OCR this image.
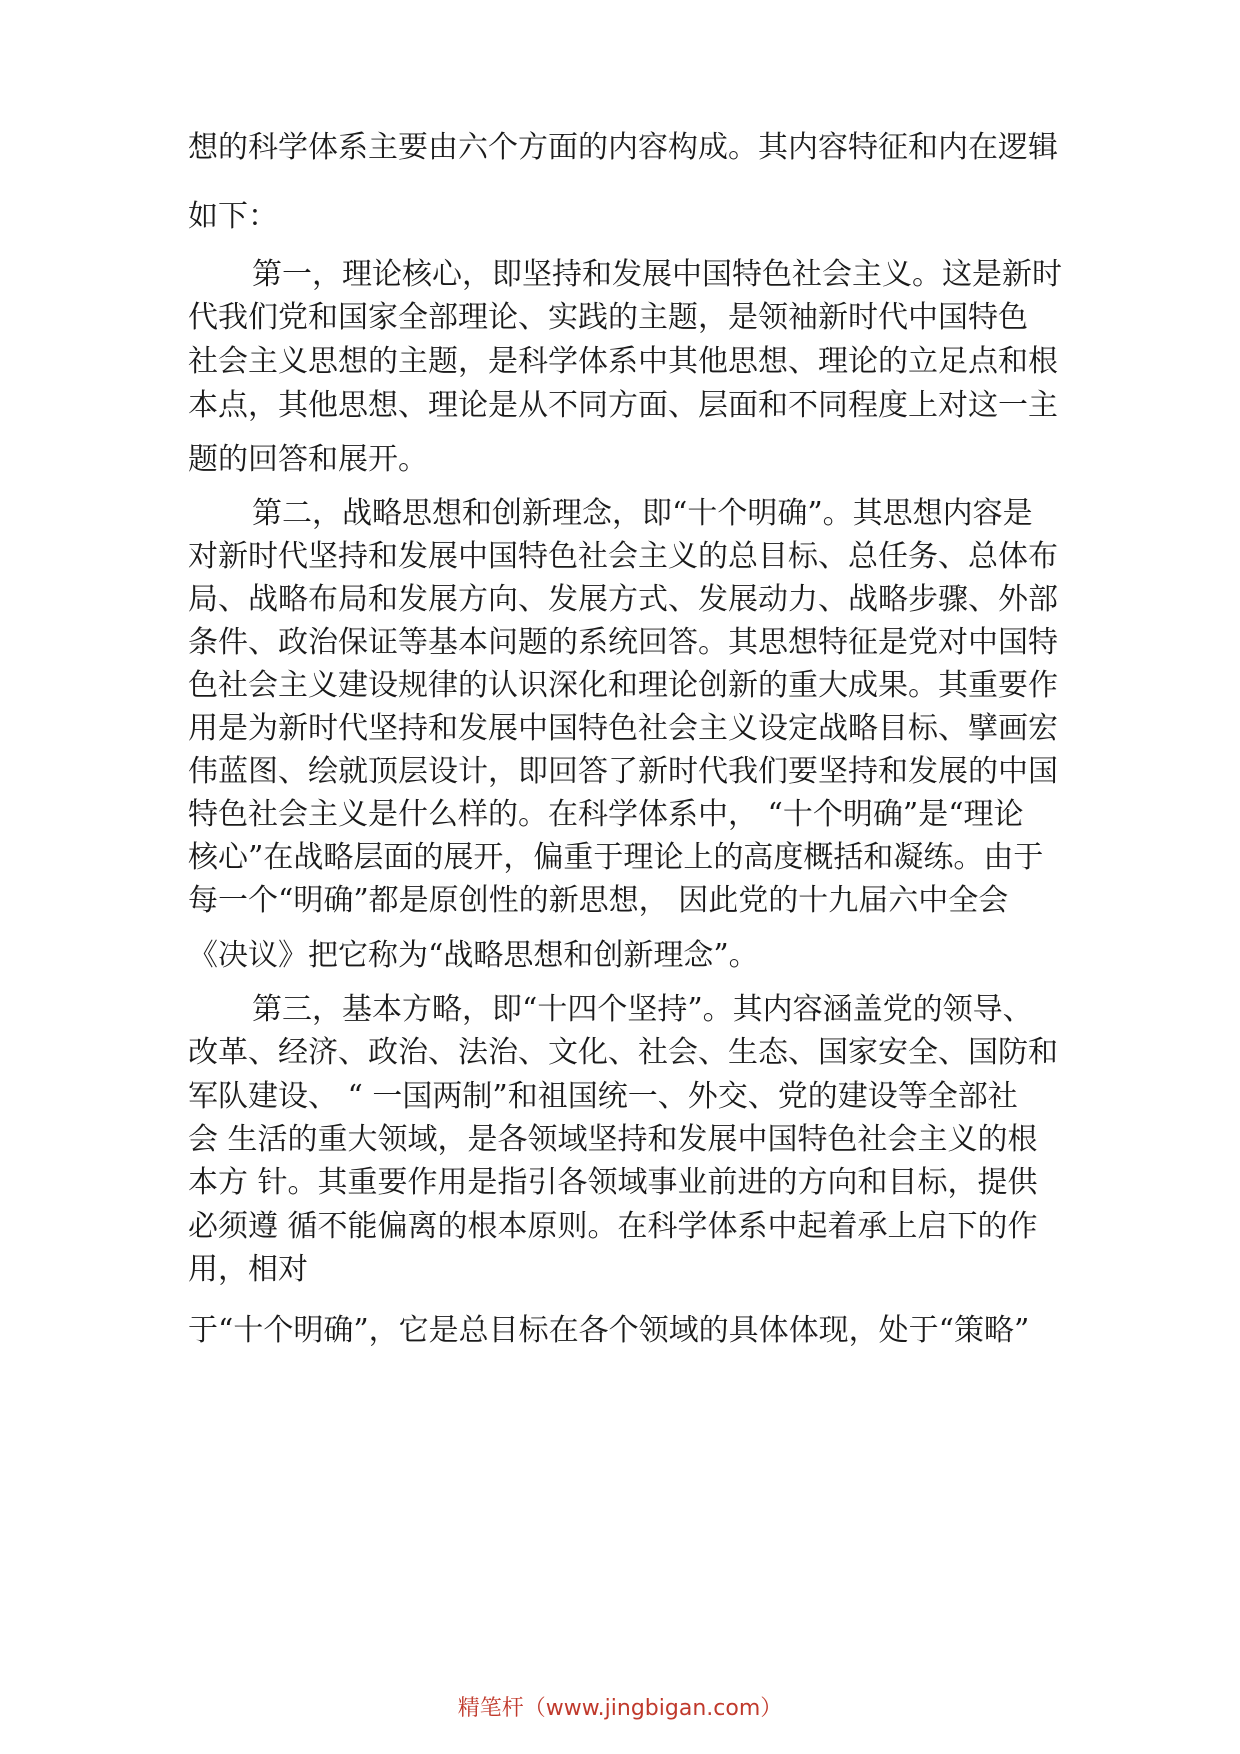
想的科学体系主要由六个方面的内容构成。其内容特征和内在逻辑
如下：
第一，理论核心，即坚持和发展中国特色社会主义。这是新时
代我们党和国家全部理论、实践的主题，是领袖新时代中国特色
社会主义思想的主题，是科学体系中其他思想、理论的立足点和根
本点，其他思想、理论是从不同方面、层面和不同程度上对这一主
题的回答和展开。
第二，战略思想和创新理念，即“十个明确”。其思想内容是
对新时代坚持和发展中国特色社会主义的总目标、总任务、总体布
局、战略布局和发展方向、发展方式、发展动力、战略步骤、外部
条件、政治保证等基本问题的系统回答。其思想特征是党对中国特
色社会主义建设规律的认识深化和理论创新的重大成果。其重要作
用是为新时代坚持和发展中国特色社会主义设定战略目标、擘画宏
伟蓝图、绘就顶层设计，即回答了新时代我们要坚持和发展的中国
特色社会主义是什么样的。在科学体系中， “十个明确”是“理论
核心”在战略层面的展开，偏重于理论上的高度概括和凝练。由于
每一个“明确”都是原创性的新思想， 因此党的十九届六中全会
《决议》把它称为“战略思想和创新理念”。
第三，基本方略，即“十四个坚持”。其内容涵盖党的领导、
改革、经济、政治、法治、文化、社会、生态、国家安全、国防和
军队建设、 “ 一国两制”和祖国统一、外交、党的建设等全部社
会 生活的重大领域，是各领域坚持和发展中国特色社会主义的根
本方 针。其重要作用是指引各领域事业前进的方向和目标，提供
必须遵 循不能偏离的根本原则。在科学体系中起着承上启下的作
用，相对
于“十个明确”，它是总目标在各个领域的具体体现，处于“策略”
精笔杆（www.jingbigan.com）
